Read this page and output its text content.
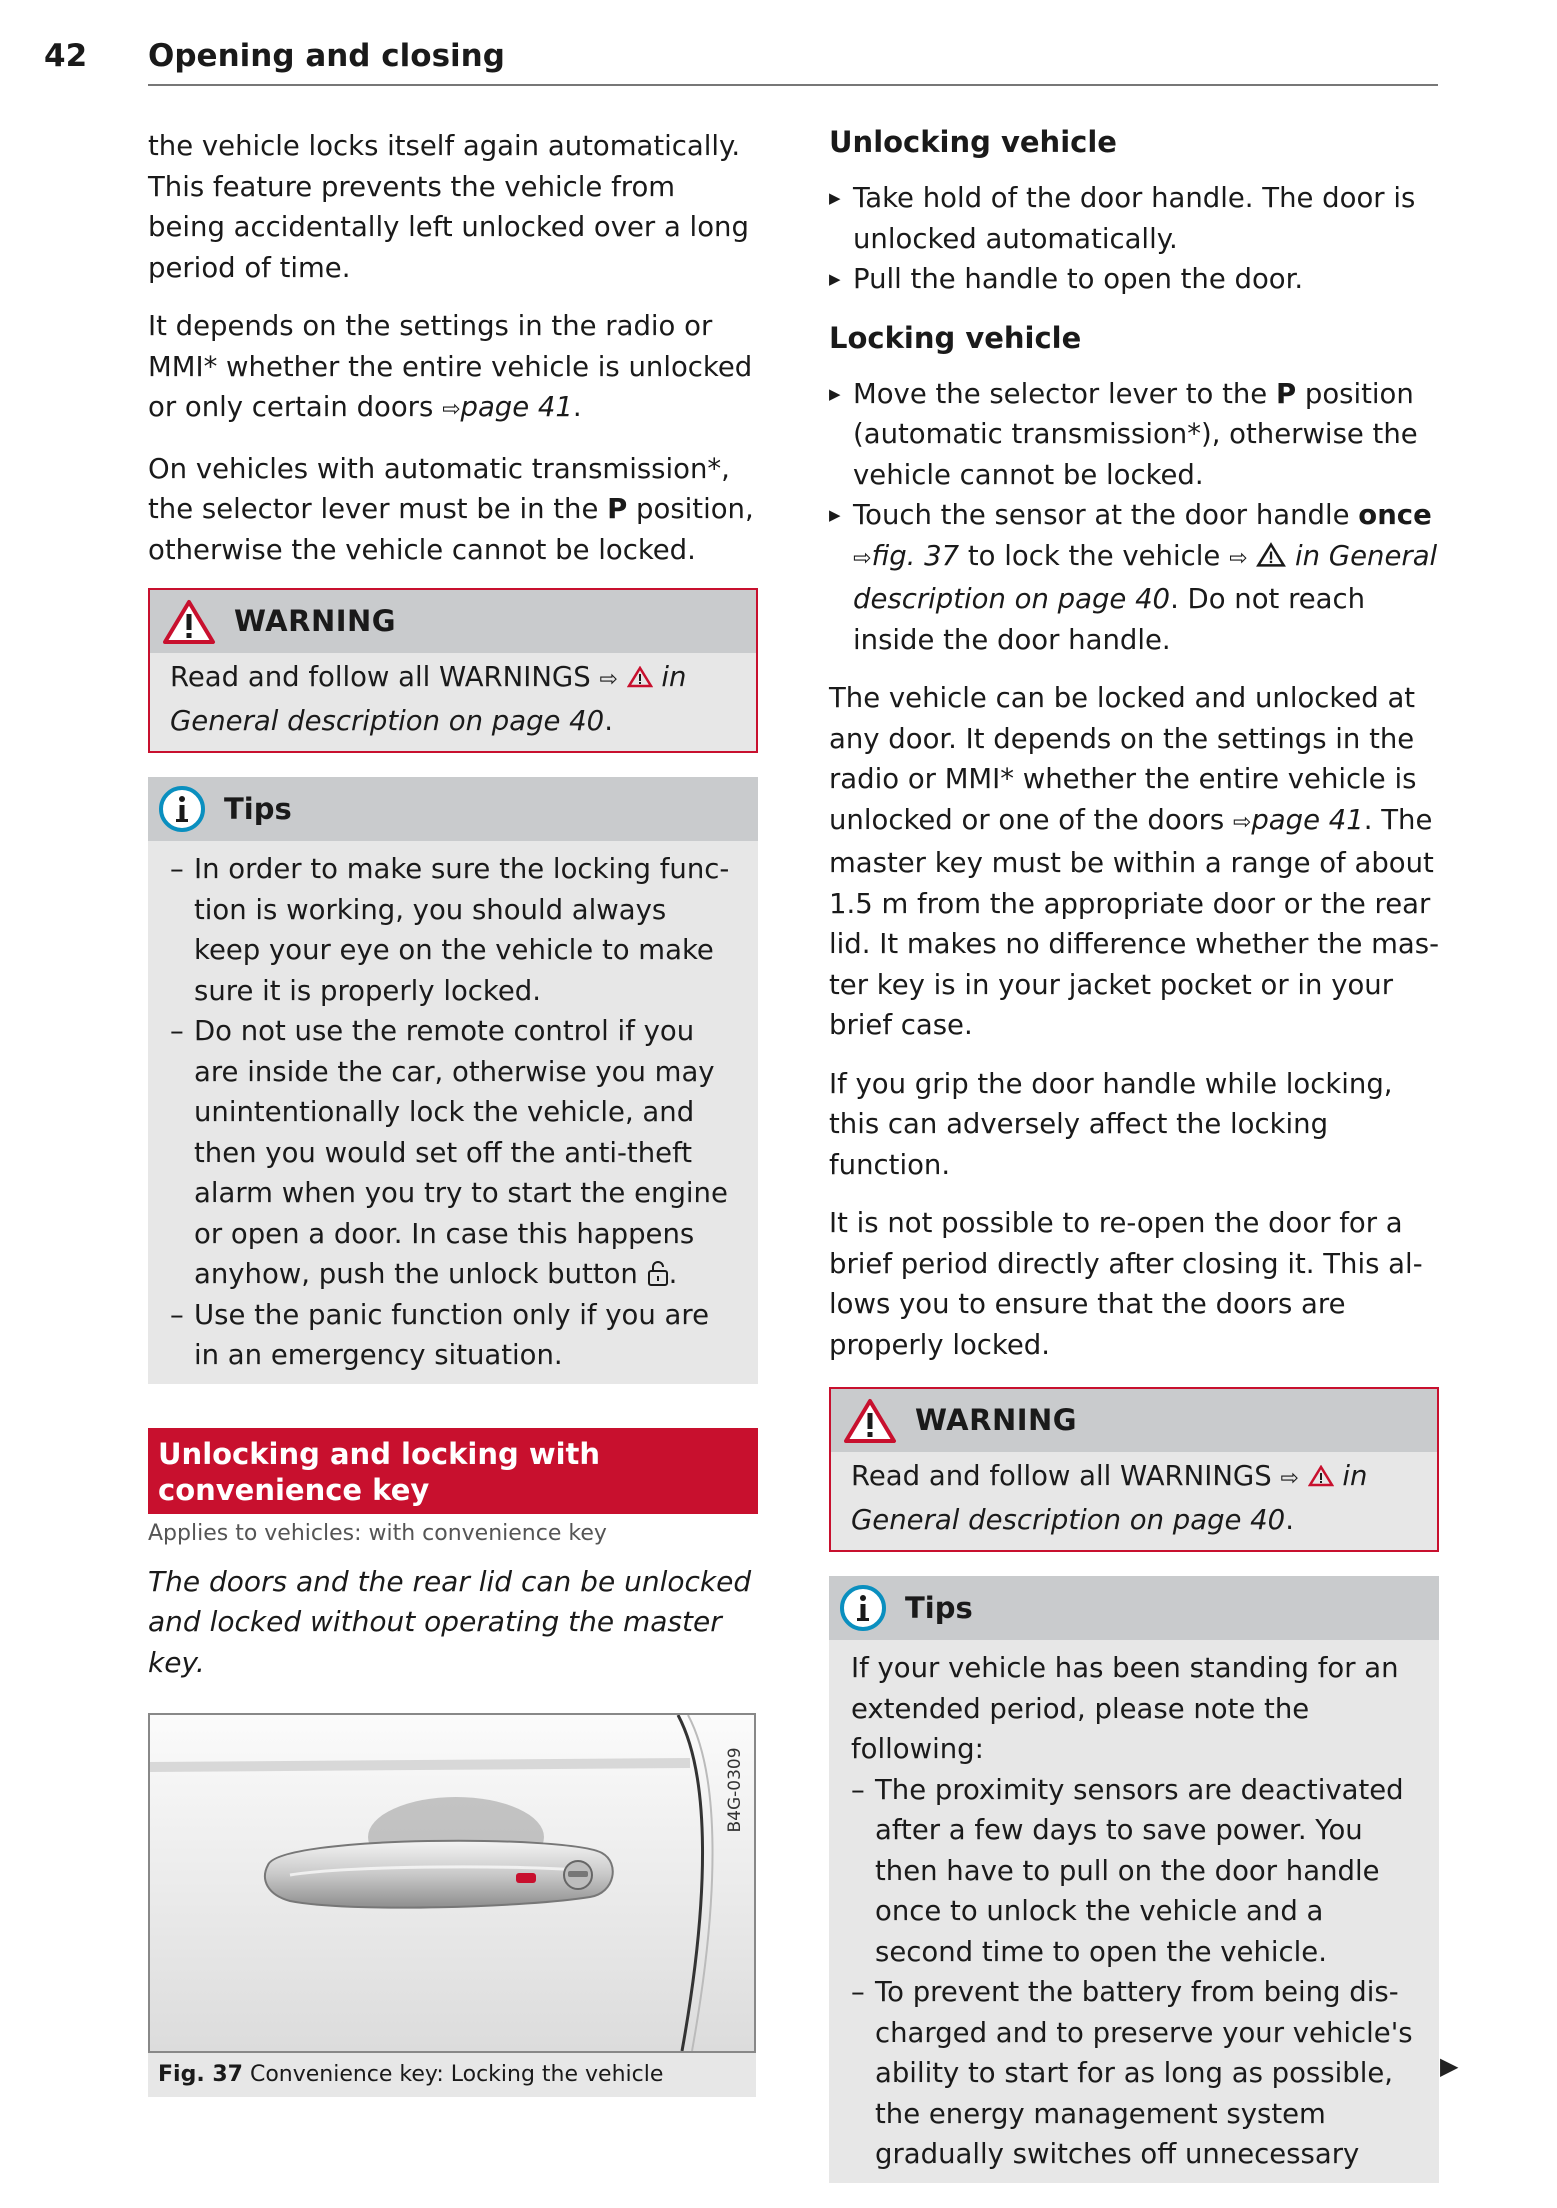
42 Opening and closing

the vehicle locks itself again automatically. This feature prevents the vehicle from being accidentally left unlocked over a long period of time.

It depends on the settings in the radio or MMI* whether the entire vehicle is unlocked or only certain doors ⇨page 41.

On vehicles with automatic transmission*, the selector lever must be in the P position, otherwise the vehicle cannot be locked.

WARNING
Read and follow all WARNINGS ⇨ in General description on page 40.
Tips
– In order to make sure the locking function is working, you should always keep your eye on the vehicle to make sure it is properly locked.
– Do not use the remote control if you are inside the car, otherwise you may unintentionally lock the vehicle, and then you would set off the anti-theft alarm when you try to start the engine or open a door. In case this happens anyhow, push the unlock button .
– Use the panic function only if you are in an emergency situation.
Unlocking and locking with convenience key
Applies to vehicles: with convenience key
The doors and the rear lid can be unlocked and locked without operating the master key.
B4G-0309
Fig. 37 Convenience key: Locking the vehicle
Unlocking vehicle
▶ Take hold of the door handle. The door is unlocked automatically.
▶ Pull the handle to open the door.
Locking vehicle
▶ Move the selector lever to the P position (automatic transmission*), otherwise the vehicle cannot be locked.
▶ Touch the sensor at the door handle once ⇨fig. 37 to lock the vehicle ⇨ in General description on page 40. Do not reach inside the door handle.

The vehicle can be locked and unlocked at any door. It depends on the settings in the radio or MMI* whether the entire vehicle is unlocked or one of the doors ⇨page 41. The master key must be within a range of about 1.5 m from the appropriate door or the rear lid. It makes no difference whether the master key is in your jacket pocket or in your brief case.

If you grip the door handle while locking, this can adversely affect the locking function.

It is not possible to re-open the door for a brief period directly after closing it. This allows you to ensure that the doors are properly locked.

WARNING
Read and follow all WARNINGS ⇨ in General description on page 40.
Tips
If your vehicle has been standing for an extended period, please note the following:
– The proximity sensors are deactivated after a few days to save power. You then have to pull on the door handle once to unlock the vehicle and a second time to open the vehicle.
– To prevent the battery from being discharged and to preserve your vehicle's ability to start for as long as possible, the energy management system gradually switches off unnecessary
▶
